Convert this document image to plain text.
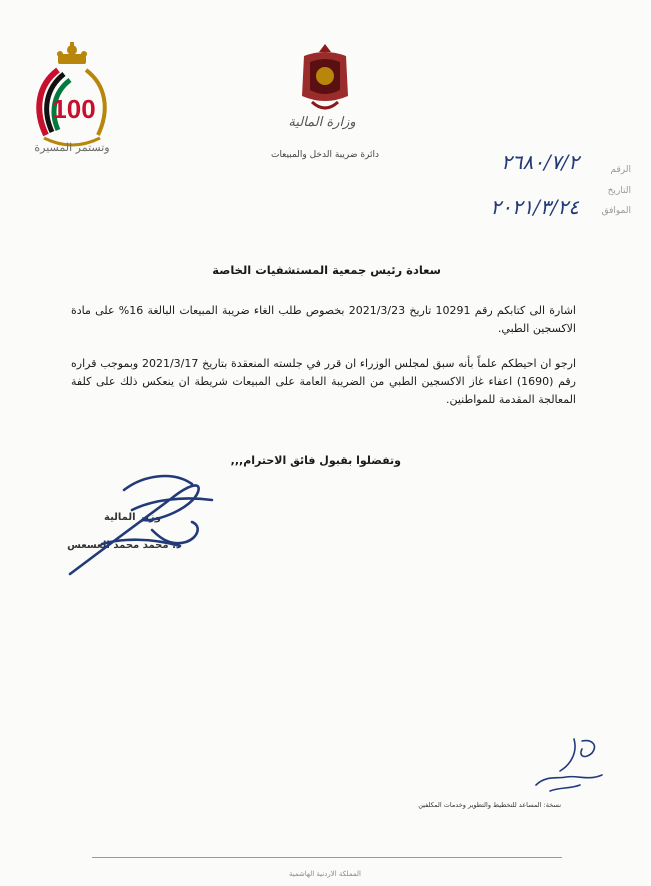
100
وتستمر المسيرة
وزارة المالية
دائرة ضريبة الدخل والمبيعات
الرقم
التاريخ
الموافق
٢٦٨٠/٧/٢
٢٠٢١/٣/٢٤
سعادة رئيس جمعية المستشفيات الخاصة
اشارة الى كتابكم رقم 10291 تاريخ 2021/3/23 بخصوص طلب الغاء ضريبة المبيعات البالغة 16% على مادة الاكسجين الطبي.
ارجو ان احيطكم علماً بأنه سبق لمجلس الوزراء ان قرر في جلسته المنعقدة بتاريخ 2021/3/17 وبموجب قراره رقم (1690) اعفاء غاز الاكسجين الطبي من الضريبة العامة على المبيعات شريطة ان ينعكس ذلك على كلفة المعالجة المقدمة للمواطنين.
وتفضلوا بقبول فائق الاحترام,,,
وزير المالية
د. محمد محمد العسعس
نسخة: المساعد للتخطيط والتطوير وخدمات المكلفين
المملكة الاردنية الهاشمية
